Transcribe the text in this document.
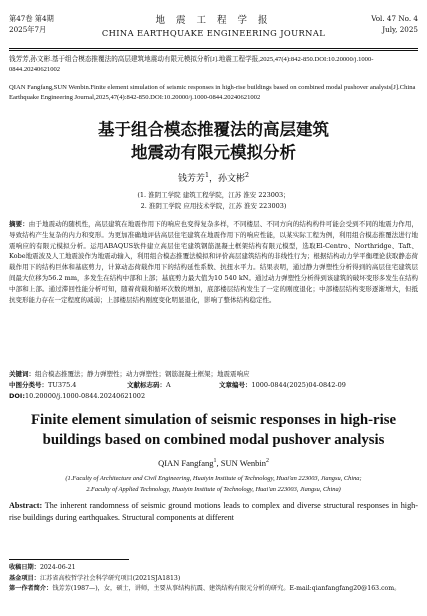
第47卷 第4期
2025年7月
地 震 工 程 学 报
CHINA EARTHQUAKE ENGINEERING JOURNAL
Vol. 47 No. 4
July, 2025
钱芳芳,孙文彬.基于组合模态推覆法的高层建筑地震动有限元模拟分析[J].地震工程学报,2025,47(4):842-850.DOI:10.20000/j.1000-0844.20240621002
QIAN Fangfang,SUN Wenbin.Finite element simulation of seismic responses in high-rise buildings based on combined modal pushover analysis[J].China Earthquake Engineering Journal,2025,47(4):842-850.DOI:10.20000/j.1000-0844.20240621002
基于组合模态推覆法的高层建筑
地震动有限元模拟分析
钱芳芳$^1$，孙文彬$^2$
(1. 淮阴工学院 建筑工程学院，江苏 淮安 223003；
2. 淮阴工学院 应用技术学院，江苏 淮安 223003)
摘要：由于地震动的随机性，高层建筑在地震作用下的响应也变得复杂多样，不同楼层、不同方向的结构构件可能会受到不同的地震力作用，导致结构产生复杂的内力和变形。为更加准确地评估高层住宅建筑在地震作用下的响应性能，以某实际工程为例，利用组合模态推覆法进行地震响应的有限元模拟分析。运用ABAQUS软件建立高层住宅建筑钢筋混凝土框架结构有限元模型，选取El-Centro、Northridge、Taft、Kobe地震波及人工地震波作为地震动输入，利用组合模态推覆法模拟和评价高层建筑结构的非线性行为；根据结构动力学平衡理论获取静态荷载作用下的结构巨体和基底剪力，计算动态荷载作用下的结构延性系数、抗扭水平力。结果表明，通过静力弹塑性分析得到的高层住宅建筑层间最大位移为56.2 mm，多发生在结构中部和上部；基底剪力最大值为10 540 kN。通过动力弹塑性分析得到该建筑的破坏变形多发生在结构中部和上部。通过滞回性能分析可知，随着荷载和循环次数的增加，底部楼层结构发生了一定的刚度退化；中部楼层结构变形逐渐增大，但抵抗变形能力存在一定程度的减弱；上部楼层结构刚度变化明显退化，影响了整体结构稳定性。
关键词：组合模态推覆法；静力弹塑性；动力弹塑性；钢筋混凝土框架；地震震响应
中图分类号：TU375.4	文献标志码：A	文章编号：1000-0844(2025)04-0842-09
DOI:10.20000/j.1000-0844.20240621002
Finite element simulation of seismic responses in high-rise
buildings based on combined modal pushover analysis
QIAN Fangfang$^1$, SUN Wenbin$^2$
(1.Faculty of Architecture and Civil Engineering, Huaiyin Institute of Technology, Huai'an 223003, Jiangsu, China;
2.Faculty of Applied Technology, Huaiyin Institute of Technology, Huai'an 223003, Jiangsu, China)
Abstract: The inherent randomness of seismic ground motions leads to complex and diverse structural responses in high-rise buildings during earthquakes. Structural components at different
收稿日期：2024-06-21
基金项目：江苏省高校哲学社会科学研究项目(2021SJA1813)
第一作者简介：钱芳芳(1987—)，女，硕士，讲师，主要从事结构抗震、建筑结构有限元分析的研究。E-mail:qianfangfang20@163.com。
